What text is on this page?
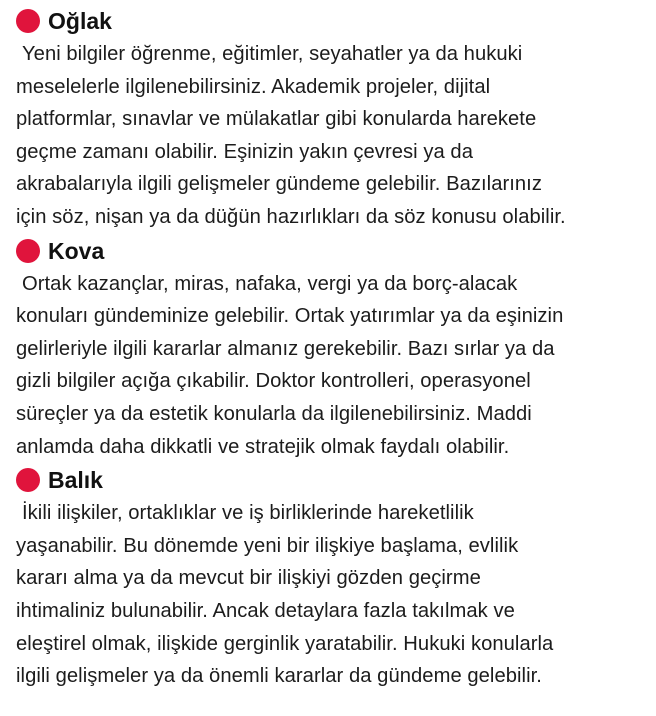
Oğlak
Yeni bilgiler öğrenme, eğitimler, seyahatler ya da hukuki
meselelerle ilgilenebilirsiniz. Akademik projeler, dijital
platformlar, sınavlar ve mülakatlar gibi konularda harekete
geçme zamanı olabilir. Eşinizin yakın çevresi ya da
akrabalarıyla ilgili gelişmeler gündeme gelebilir. Bazılarınız
için söz, nişan ya da düğün hazırlıkları da söz konusu olabilir.
Kova
Ortak kazançlar, miras, nafaka, vergi ya da borç-alacak
konuları gündeminize gelebilir. Ortak yatırımlar ya da eşinizin
gelirleriyle ilgili kararlar almanız gerekebilir. Bazı sırlar ya da
gizli bilgiler açığa çıkabilir. Doktor kontrolleri, operasyonel
süreçler ya da estetik konularla da ilgilenebilirsiniz. Maddi
anlamda daha dikkatli ve stratejik olmak faydalı olabilir.
Balık
İkili ilişkiler, ortaklıklar ve iş birliklerinde hareketlilik
yaşanabilir. Bu dönemde yeni bir ilişkiye başlama, evlilik
kararı alma ya da mevcut bir ilişkiyi gözden geçirme
ihtimaliniz bulunabilir. Ancak detaylara fazla takılmak ve
eleştirel olmak, ilişkide gerginlik yaratabilir. Hukuki konularla
ilgili gelişmeler ya da önemli kararlar da gündeme gelebilir.
